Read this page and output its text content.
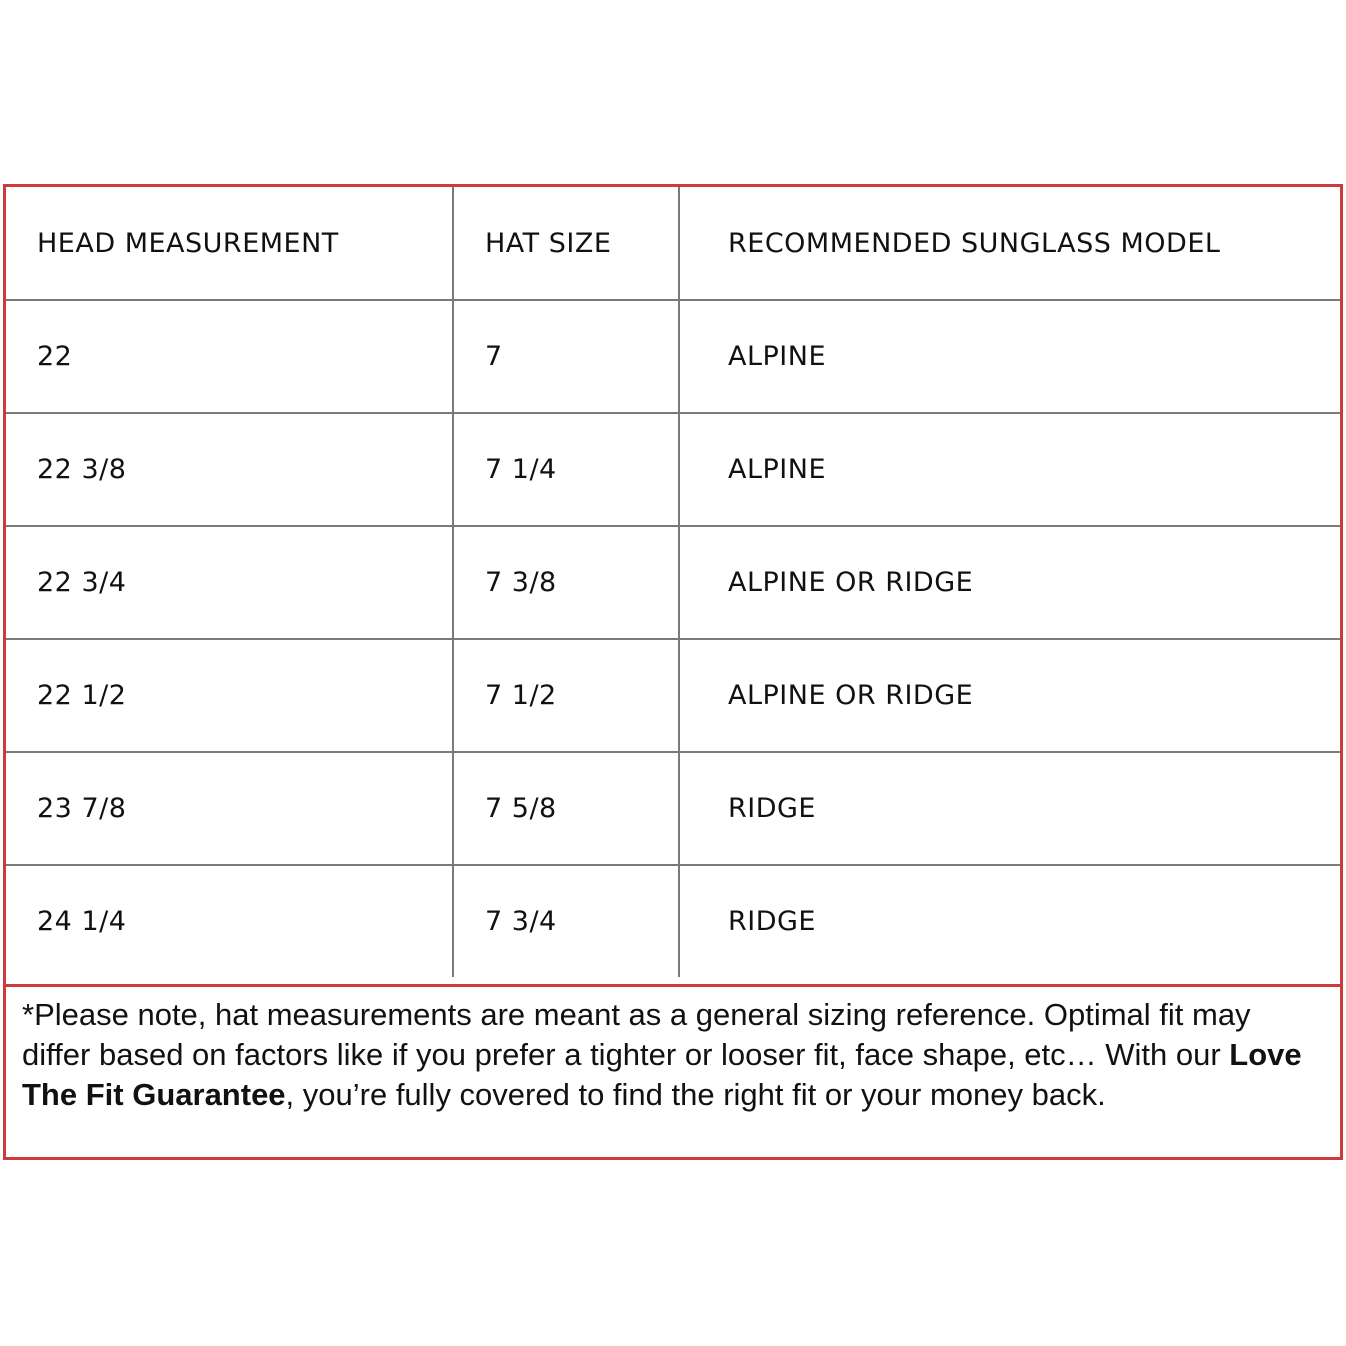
HEAD MEASUREMENT	HAT SIZE	RECOMMENDED SUNGLASS MODEL
22	7	ALPINE
22 3/8	7 1/4	ALPINE
22 3/4	7 3/8	ALPINE OR RIDGE
22 1/2	7 1/2	ALPINE OR RIDGE
23 7/8	7 5/8	RIDGE
24 1/4	7 3/4	RIDGE
*Please note, hat measurements are meant as a general sizing reference. Optimal fit may differ based on factors like if you prefer a tighter or looser fit, face shape, etc… With our Love The Fit Guarantee, you’re fully covered to find the right fit or your money back.
